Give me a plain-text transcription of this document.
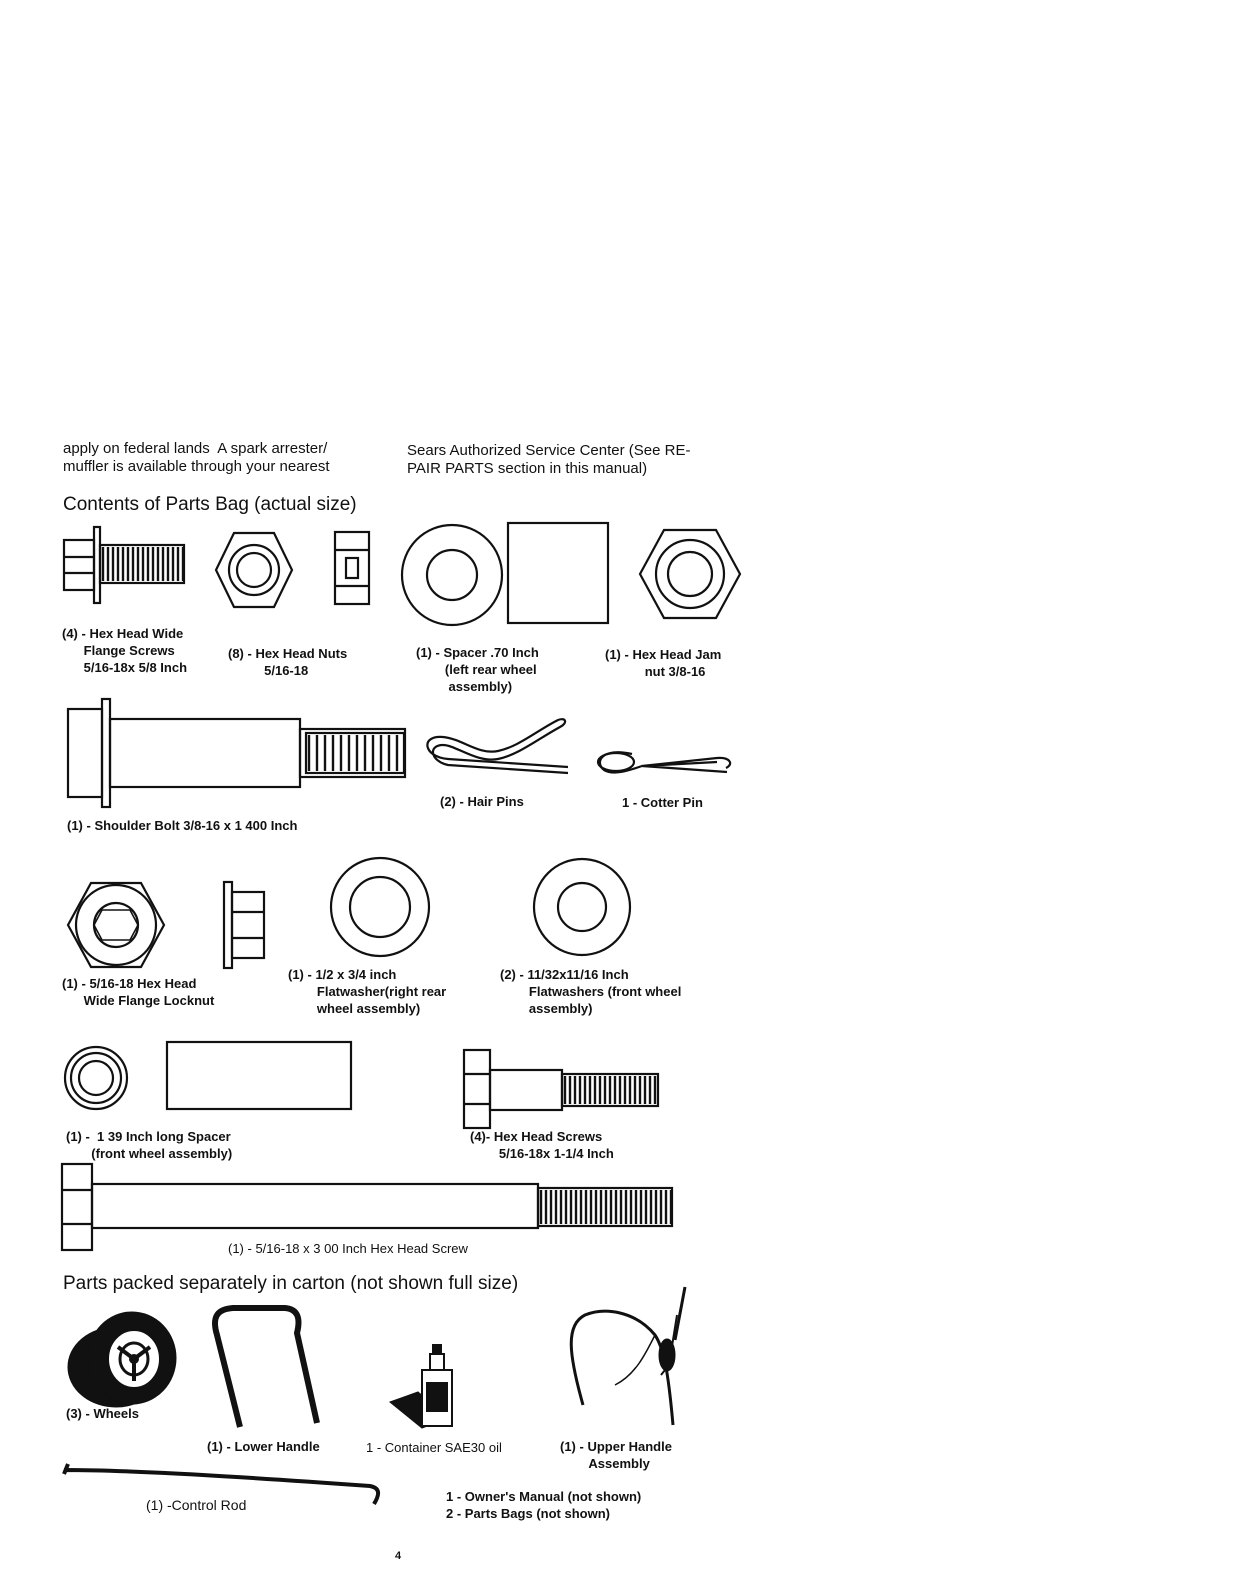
apply on federal lands  A spark arrester/
muffler is available through your nearest
Sears Authorized Service Center (See RE-
PAIR PARTS section in this manual)
Contents of Parts Bag (actual size)
(4) - Hex Head Wide
Flange Screws
5/16-18x 5/8 Inch
(8) - Hex Head Nuts
5/16-18
(1) - Spacer .70 Inch
(left rear wheel
assembly)
(1) - Hex Head Jam
nut 3/8-16
(1) - Shoulder Bolt 3/8-16 x 1 400 Inch
(2) - Hair Pins	1 - Cotter Pin
(1) - 5/16-18 Hex Head
Wide Flange Locknut
(1) - 1/2 x 3/4 inch
Flatwasher(right rear
wheel assembly)
(2) - 11/32x11/16 Inch
Flatwashers (front wheel
assembly)
(1) -  1 39 Inch long Spacer
(front wheel assembly)
(4)- Hex Head Screws
5/16-18x 1-1/4 Inch
(1) - 5/16-18 x 3 00 Inch Hex Head Screw
Parts packed separately in carton (not shown full size)
(3) - Wheels
(1) - Lower Handle	1 - Container SAE30 oil	(1) - Upper Handle
Assembly
(1) -Control Rod
1 - Owner's Manual (not shown)
2 - Parts Bags (not shown)
4
